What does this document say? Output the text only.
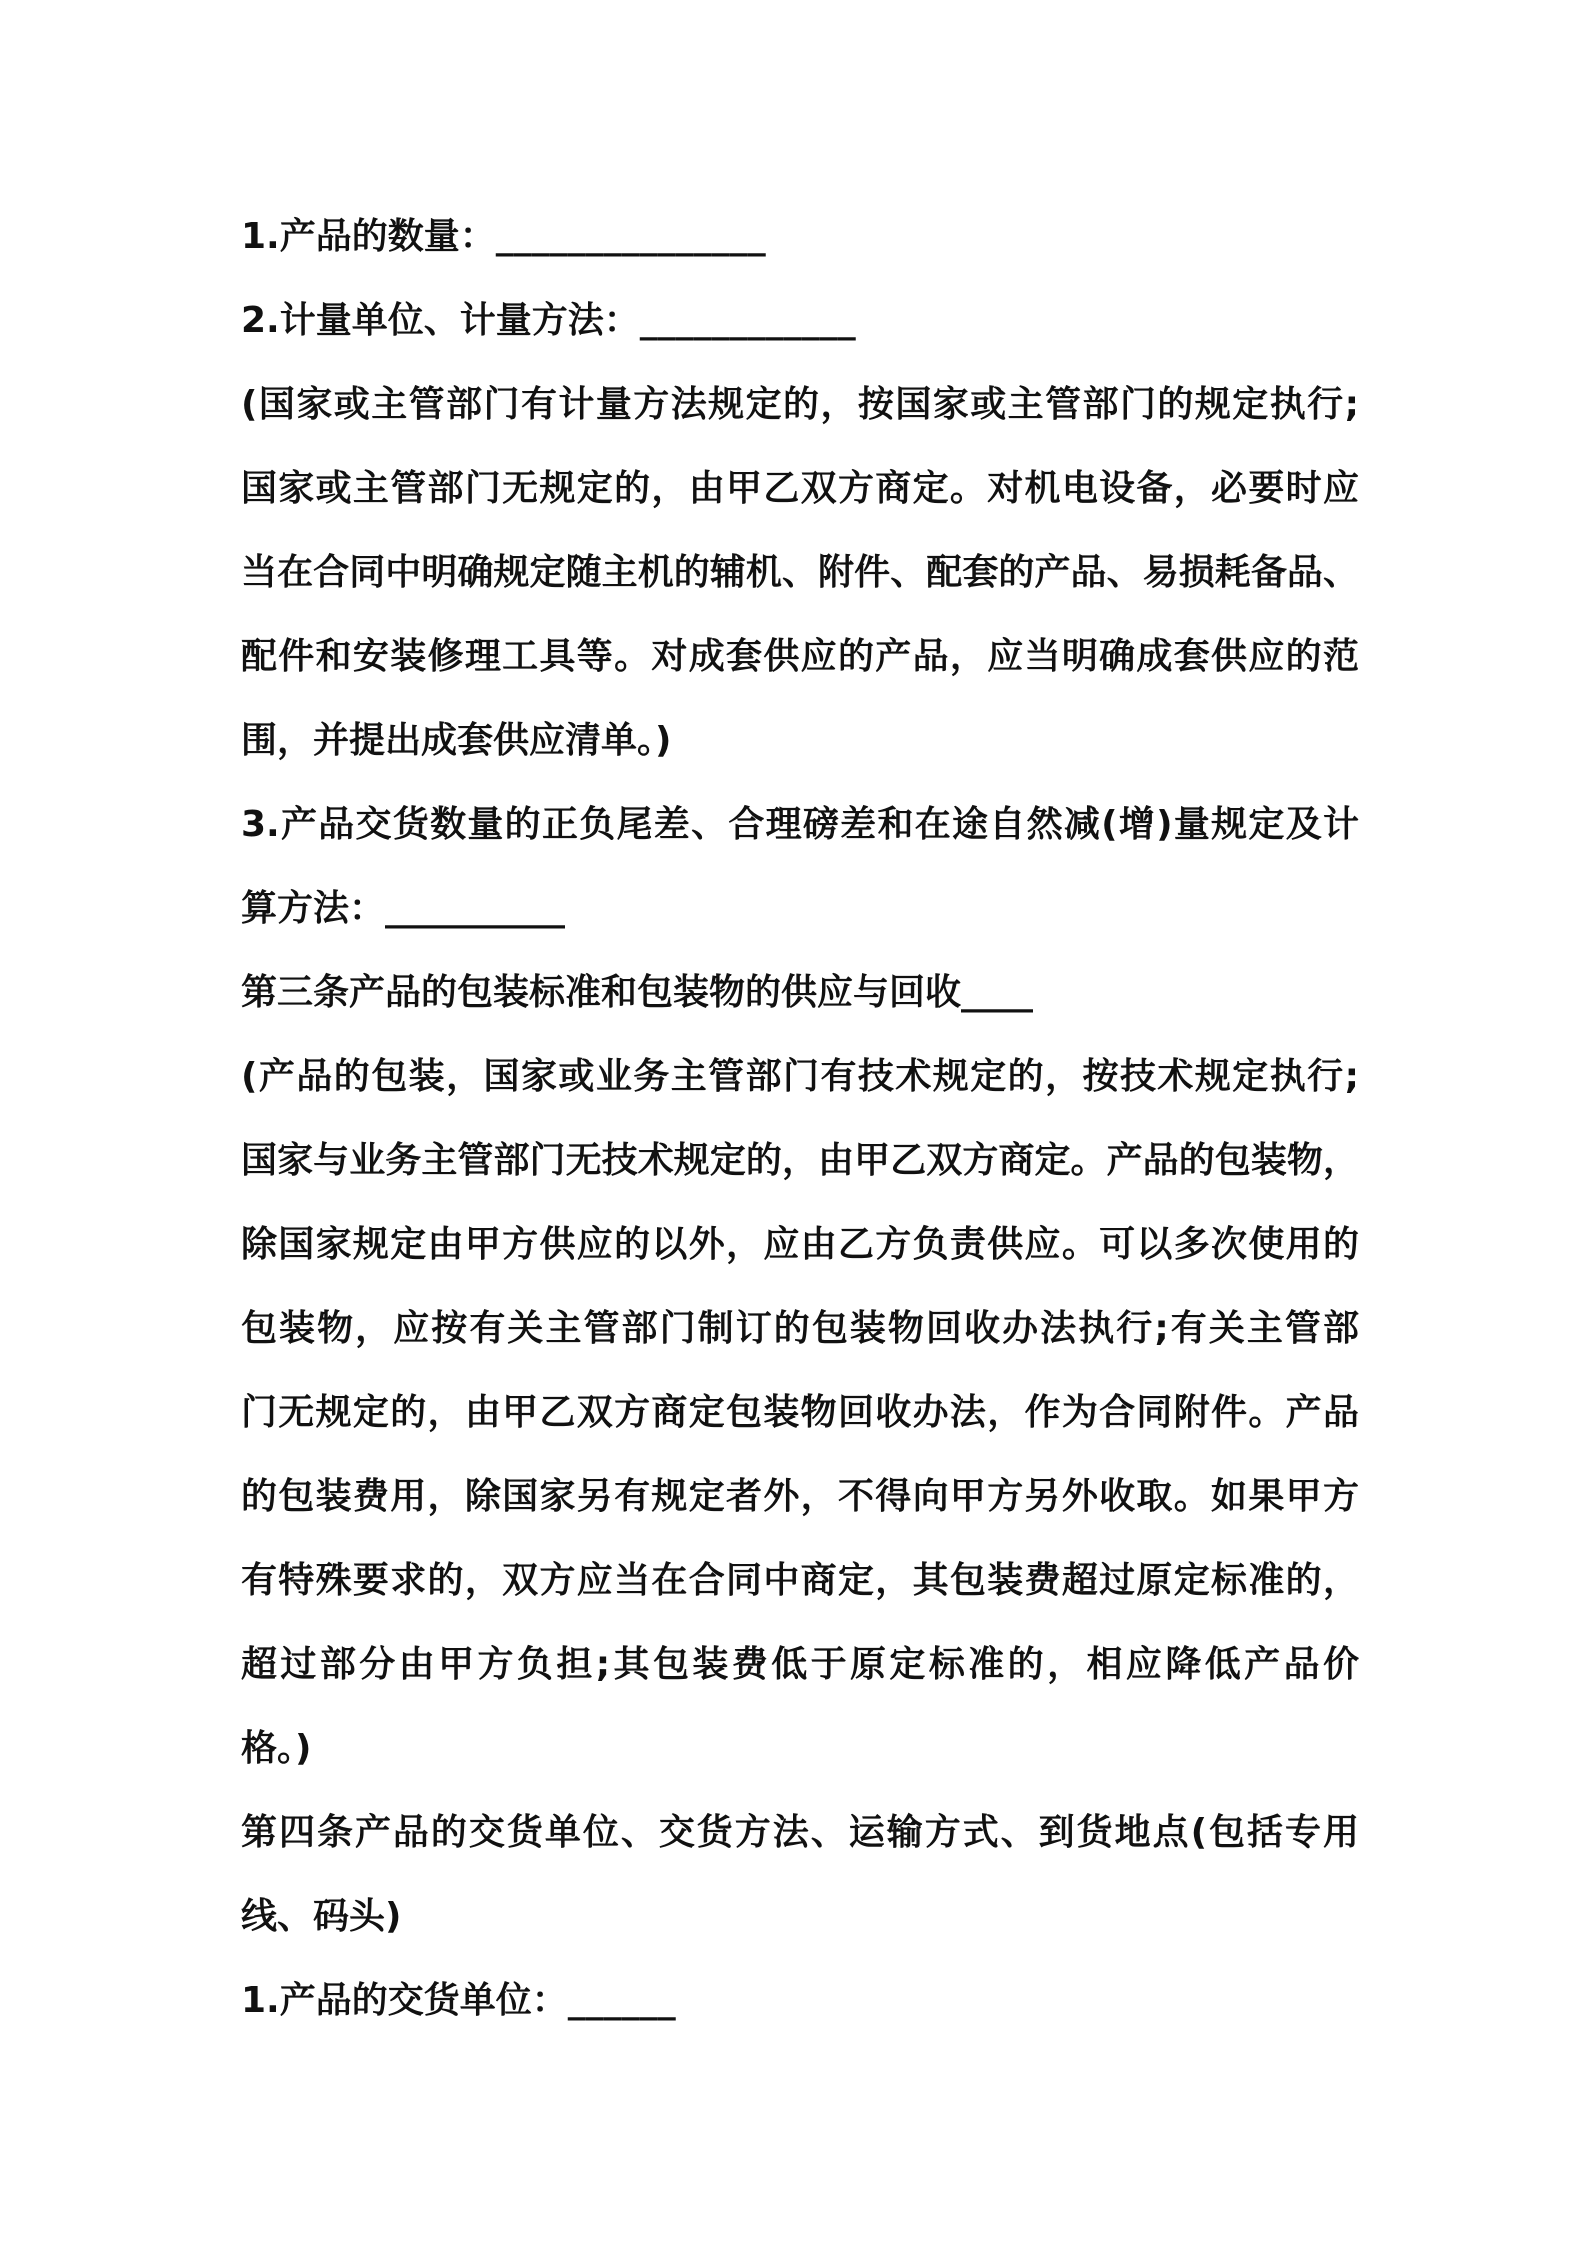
1.产品的数量：_______________
2.计量单位、计量方法：____________
(国家或主管部门有计量方法规定的，按国家或主管部门的规定执行;
国家或主管部门无规定的，由甲乙双方商定。对机电设备，必要时应
当在合同中明确规定随主机的辅机、附件、配套的产品、易损耗备品、
配件和安装修理工具等。对成套供应的产品，应当明确成套供应的范
围，并提出成套供应清单。)
3.产品交货数量的正负尾差、合理磅差和在途自然减(增)量规定及计
算方法：__________
第三条产品的包装标准和包装物的供应与回收____
(产品的包装，国家或业务主管部门有技术规定的，按技术规定执行;
国家与业务主管部门无技术规定的，由甲乙双方商定。产品的包装物，
除国家规定由甲方供应的以外，应由乙方负责供应。可以多次使用的
包装物，应按有关主管部门制订的包装物回收办法执行;有关主管部
门无规定的，由甲乙双方商定包装物回收办法，作为合同附件。产品
的包装费用，除国家另有规定者外，不得向甲方另外收取。如果甲方
有特殊要求的，双方应当在合同中商定，其包装费超过原定标准的，
超过部分由甲方负担;其包装费低于原定标准的，相应降低产品价
格。)
第四条产品的交货单位、交货方法、运输方式、到货地点(包括专用
线、码头)
1.产品的交货单位：______
